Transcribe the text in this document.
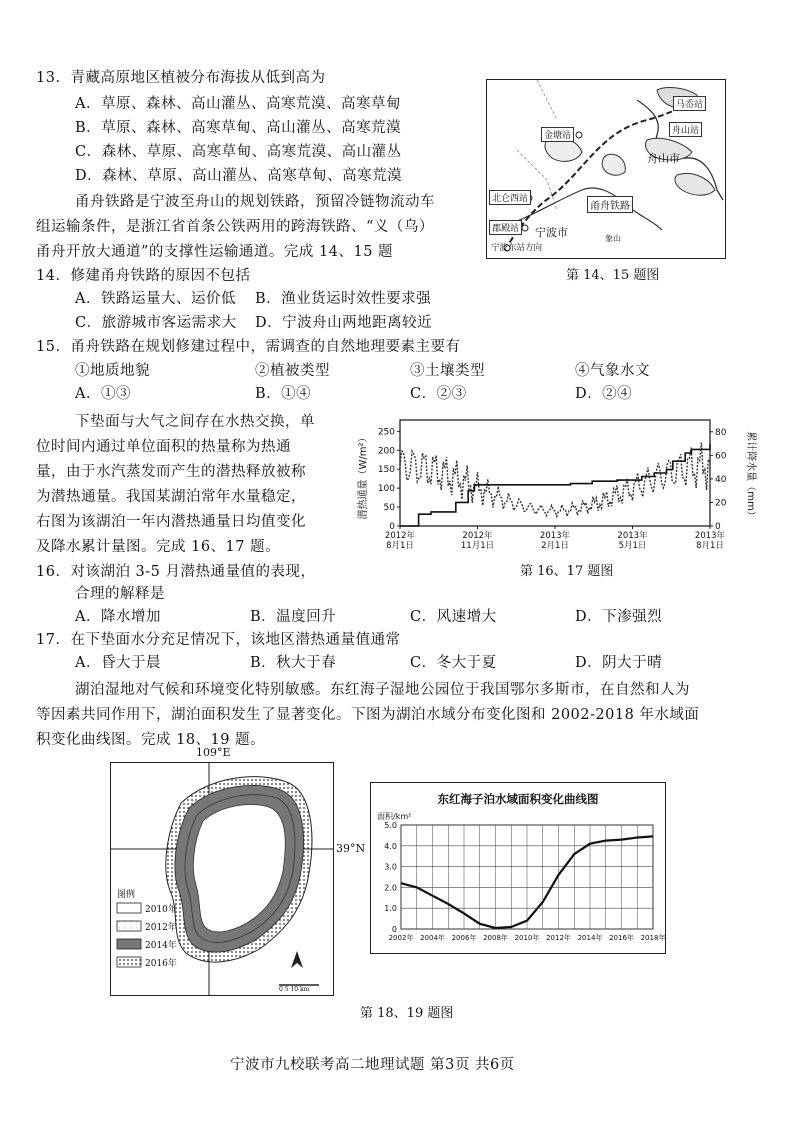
13．青藏高原地区植被分布海拔从低到高为
A．草原、森林、高山灌丛、高寒荒漠、高寒草甸
B．草原、森林、高寒草甸、高山灌丛、高寒荒漠
C．森林、草原、高寒草甸、高寒荒漠、高山灌丛
D．森林、草原、高山灌丛、高寒草甸、高寒荒漠
甬舟铁路是宁波至舟山的规划铁路，预留冷链物流动车
组运输条件，是浙江省首条公铁两用的跨海铁路、“义（乌）
甬舟开放大通道”的支撑性运输通道。完成 14、15 题
马岙站
舟山站
金塘站
舟山市
甬舟铁路
北仑西站
郡殿站 宁波市
宁波东站方向
象山
第 14、15 题图
14．修建甬舟铁路的原因不包括
A．铁路运量大、运价低 B．渔业货运时效性要求强
C．旅游城市客运需求大 D．宁波舟山两地距离较近
15．甬舟铁路在规划修建过程中，需调查的自然地理要素主要有
①地质地貌	②植被类型	③土壤类型	④气象水文
A．①③	B．①④	C．②③	D．②④
下垫面与大气之间存在水热交换，单
位时间内通过单位面积的热量称为热通
量，由于水汽蒸发而产生的潜热释放被称
为潜热通量。我国某湖泊常年水量稳定，
右图为该湖泊一年内潜热通量日均值变化
及降水累计量图。完成 16、17 题。
潜热通量（W/m²）	累计降水量（mm）
0
50
100
150
200
250
0
20
40
60
80
2012年
8月1日
2012年
11月1日
2013年
2月1日
2013年
5月1日
2013年
8月1日
第 16、17 题图
16．对该湖泊 3-5 月潜热通量值的表现，
合理的解释是
A．降水增加	B．温度回升	C．风速增大	D．下渗强烈
17．在下垫面水分充足情况下，该地区潜热通量值通常
A．昏大于晨	B．秋大于春	C．冬大于夏	D．阴大于晴
湖泊湿地对气候和环境变化特别敏感。东红海子湿地公园位于我国鄂尔多斯市，在自然和人为
等因素共同作用下，湖泊面积发生了显著变化。下图为湖泊水域分布变化图和 2002-2018 年水域面
积变化曲线图。完成 18、19 题。
109°E
图例
2010年
2012年
2014年
2016年
0 5 10 km
39°N
东红海子泊水域面积变化曲线图
面积/km²
0
1.0
2.0
3.0
4.0
5.0
2002年 2004年 2006年 2008年 2010年 2012年 2014年 2016年 2018年
第 18、19 题图
宁波市九校联考高二地理试题 第3页 共6页
